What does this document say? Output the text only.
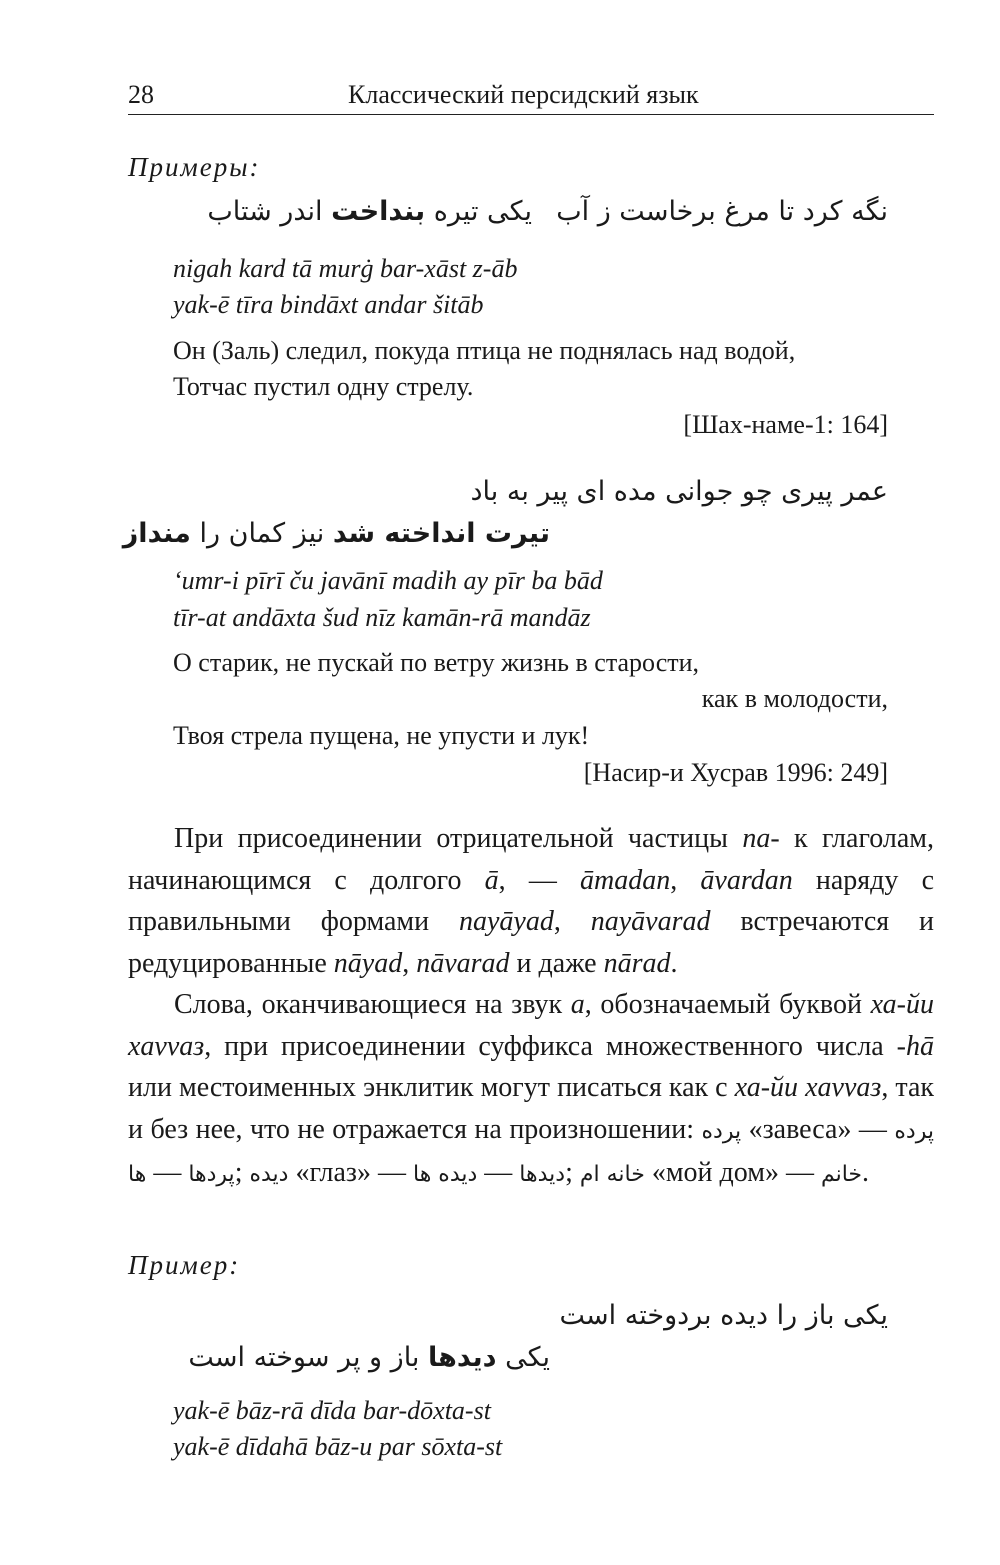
28	Классический персидский язык
Примеры:
نگه کرد تا مرغ برخاست ز آب
یکی تیره بنداخت اندر شتاب
nigah kard tā murġ bar-xāst z-āb
yak-ē tīra bindāxt andar šitāb
Он (Заль) следил, покуда птица не поднялась над водой,
Тотчас пустил одну стрелу.
[Шах-наме-1: 164]
عمر پیری چو جوانی مده ای پیر به باد
تیرت انداخته شد نیز کمان را منداز
ʻumr-i pīrī ču javānī madih ay pīr ba bād
tīr-at andāxta šud nīz kamān-rā mandāz
О старик, не пускай по ветру жизнь в старости,
как в молодости,
Твоя стрела пущена, не упусти и лук!
[Насир-и Хусрав 1996: 249]
При присоединении отрицательной частицы na- к глаголам, начинающимся с долгого ā, — āmadan, āvardan наряду с правильными формами nayāyad, nayāvarad встречаются и редуцированные nāyad, nāvarad и даже nārad.
Слова, оканчивающиеся на звук a, обозначаемый буквой ха-йи хavvaз, при присоединении суффикса множественного числа -hā или местоименных энклитик могут писаться как с ха-йи хavvaз, так и без нее, что не отражается на произношении: پرده «завеса» — پرده ها — پردها; دیده «глаз» — دیده ها — دیدها; خانه ام «мой дом» — خانم.
Пример:
یکی باز را دیده بردوخته است
یکی دیدها باز و پر سوخته است
yak-ē bāz-rā dīda bar-dōxta-st
yak-ē dīdahā bāz-u par sōxta-st
